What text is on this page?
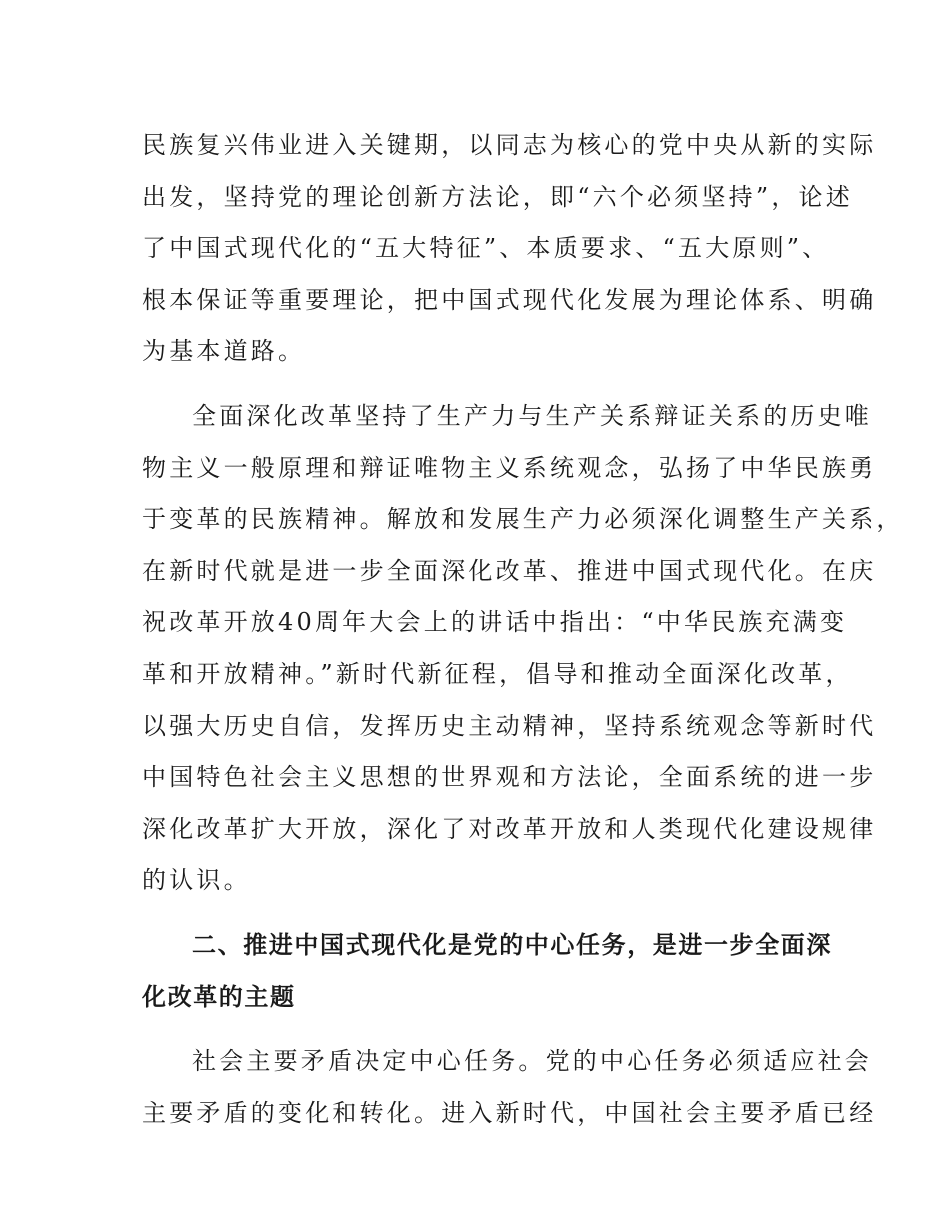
民族复兴伟业进入关键期，以同志为核心的党中央从新的实际
出发，坚持党的理论创新方法论，即“六个必须坚持”，论述
了中国式现代化的“五大特征”、本质要求、“五大原则”、
根本保证等重要理论，把中国式现代化发展为理论体系、明确
为基本道路。
全面深化改革坚持了生产力与生产关系辩证关系的历史唯
物主义一般原理和辩证唯物主义系统观念，弘扬了中华民族勇
于变革的民族精神。解放和发展生产力必须深化调整生产关系，
在新时代就是进一步全面深化改革、推进中国式现代化。在庆
祝改革开放40周年大会上的讲话中指出：“中华民族充满变
革和开放精神。”新时代新征程，倡导和推动全面深化改革，
以强大历史自信，发挥历史主动精神，坚持系统观念等新时代
中国特色社会主义思想的世界观和方法论，全面系统的进一步
深化改革扩大开放，深化了对改革开放和人类现代化建设规律
的认识。
二、推进中国式现代化是党的中心任务，是进一步全面深
化改革的主题
社会主要矛盾决定中心任务。党的中心任务必须适应社会
主要矛盾的变化和转化。进入新时代，中国社会主要矛盾已经
